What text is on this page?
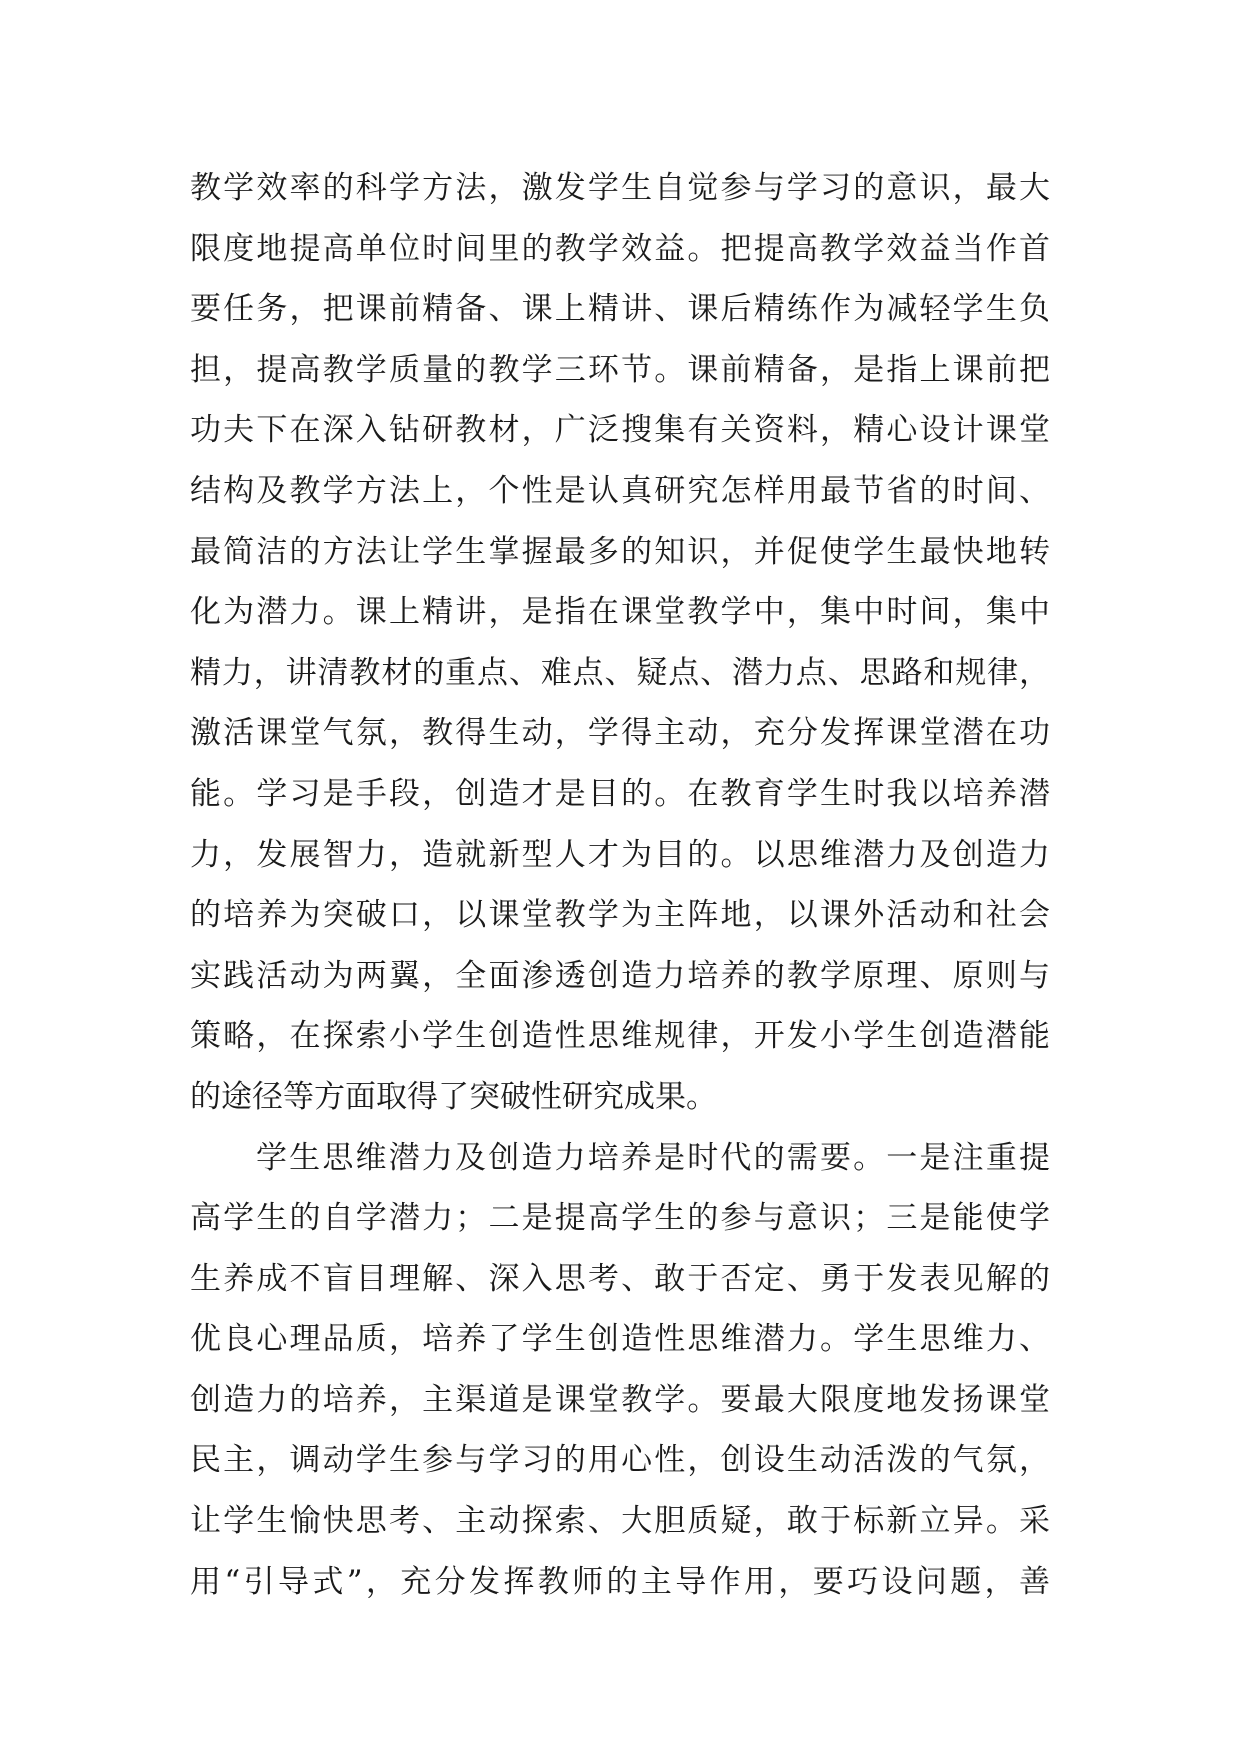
教学效率的科学方法，激发学生自觉参与学习的意识，最大
限度地提高单位时间里的教学效益。把提高教学效益当作首
要任务，把课前精备、课上精讲、课后精练作为减轻学生负
担，提高教学质量的教学三环节。课前精备，是指上课前把
功夫下在深入钻研教材，广泛搜集有关资料，精心设计课堂
结构及教学方法上，个性是认真研究怎样用最节省的时间、
最简洁的方法让学生掌握最多的知识，并促使学生最快地转
化为潜力。课上精讲，是指在课堂教学中，集中时间，集中
精力，讲清教材的重点、难点、疑点、潜力点、思路和规律，
激活课堂气氛，教得生动，学得主动，充分发挥课堂潜在功
能。学习是手段，创造才是目的。在教育学生时我以培养潜
力，发展智力，造就新型人才为目的。以思维潜力及创造力
的培养为突破口，以课堂教学为主阵地，以课外活动和社会
实践活动为两翼，全面渗透创造力培养的教学原理、原则与
策略，在探索小学生创造性思维规律，开发小学生创造潜能
的途径等方面取得了突破性研究成果。
学生思维潜力及创造力培养是时代的需要。一是注重提
高学生的自学潜力；二是提高学生的参与意识；三是能使学
生养成不盲目理解、深入思考、敢于否定、勇于发表见解的
优良心理品质，培养了学生创造性思维潜力。学生思维力、
创造力的培养，主渠道是课堂教学。要最大限度地发扬课堂
民主，调动学生参与学习的用心性，创设生动活泼的气氛，
让学生愉快思考、主动探索、大胆质疑，敢于标新立异。采
用“引导式”，充分发挥教师的主导作用，要巧设问题，善
